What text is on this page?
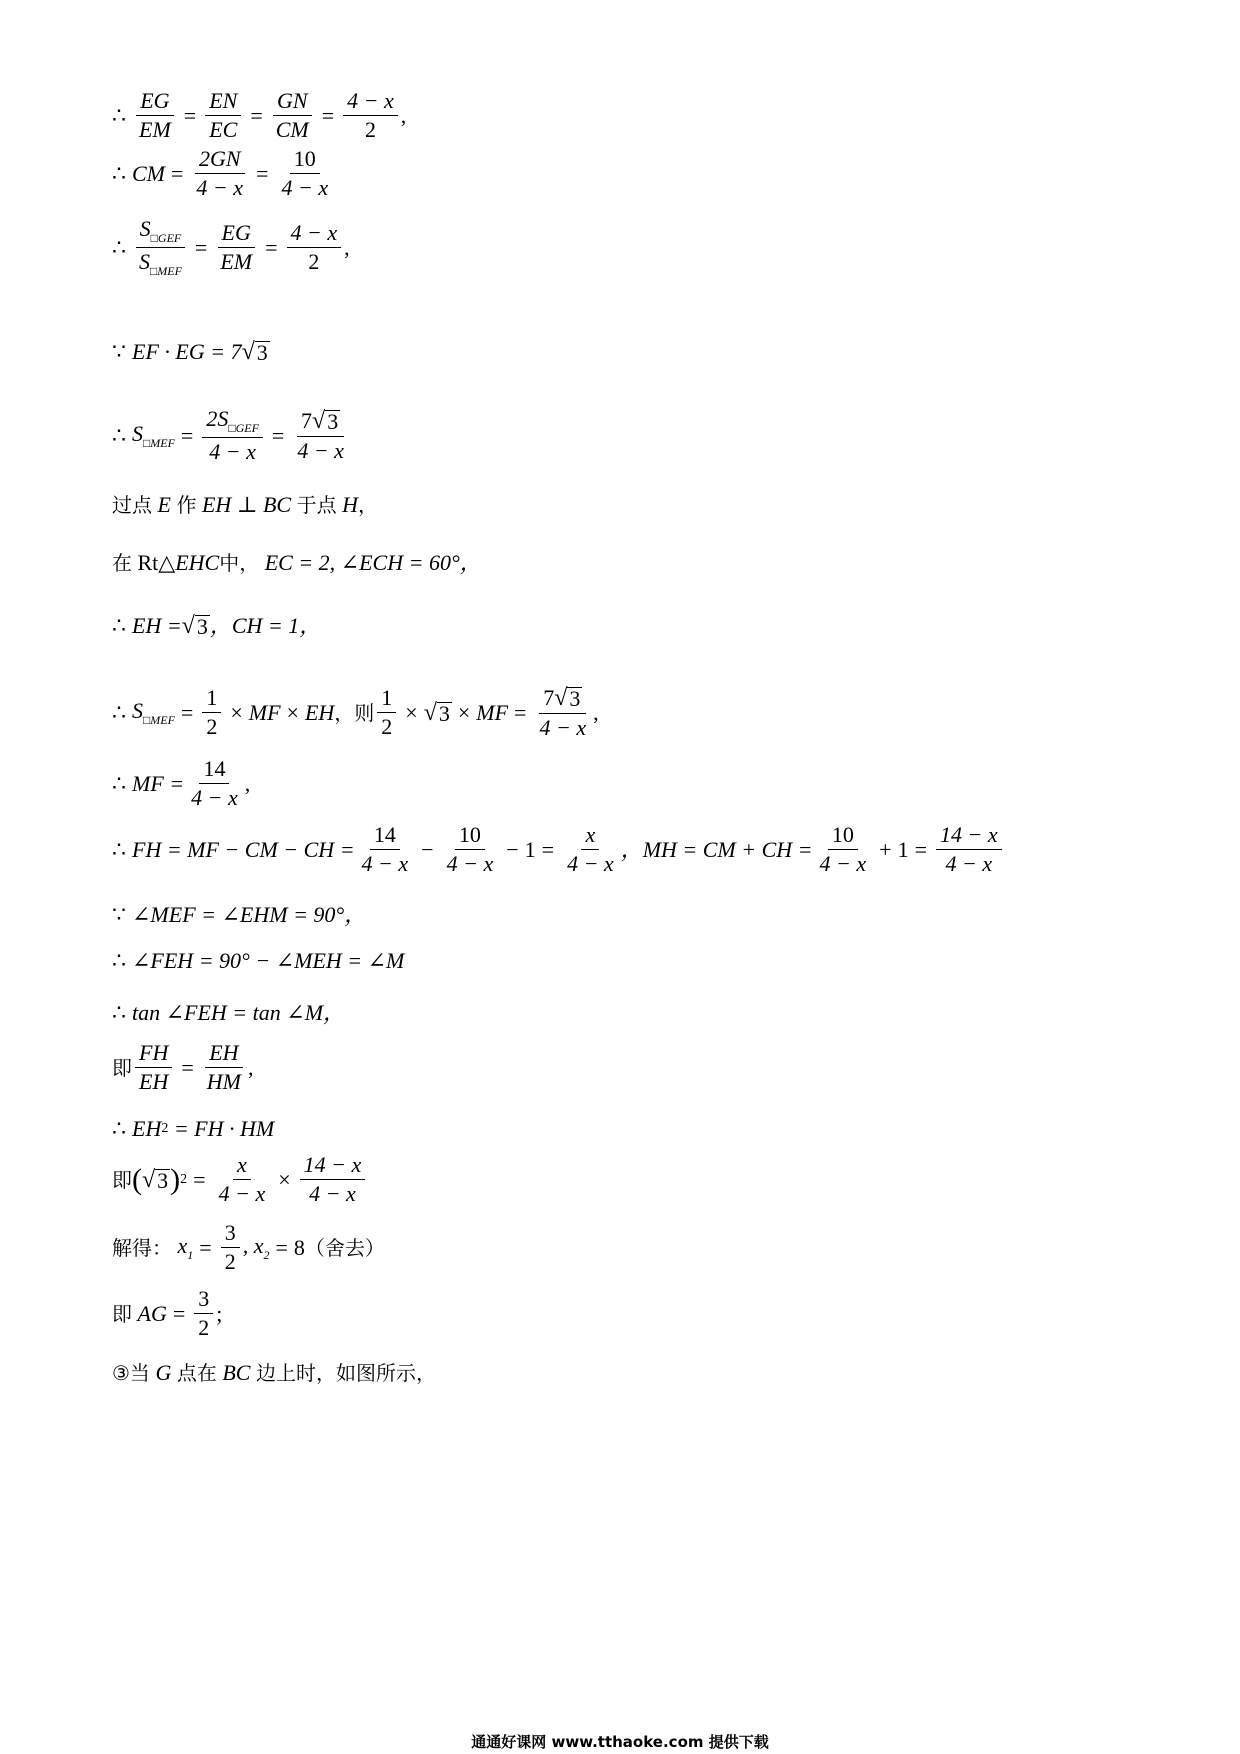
∴ $\frac{EG}{EM} = \frac{EN}{EC} = \frac{GN}{CM} = \frac{4 - x}{2}$ ,
∴ CM = $\frac{2GN}{4 - x} = \frac{10}{4 - x}$
∴ $\frac{S_{□GEF}}{S_{□MEF}} = \frac{EG}{EM} = \frac{4 - x}{2}$ ,
∵ EF · EG = 7 √ 3
∴ $S_{□MEF} = \frac{2S_{□GEF}}{4 - x} = \frac{7 √ 3}{4 - x}$
过点 E 作 EH ⊥ BC 于点 H ，
在 Rt△ EHC 中，
EC = 2, ∠ECH = 60°，
∴ EH = √ 3 ，CH = 1，
∴ $S_{□MEF} = \frac{1}{2}$ × MF × EH ， 则 $\frac{1}{2}$ × √ 3 × MF = $\frac{7 √ 3}{4 - x}$ ,
∴ MF = $\frac{14}{4 - x}$ ,
∴ FH = MF − CM − CH = $\frac{14}{4 - x} - \frac{10}{4 - x} - 1 = \frac{x}{4 - x}$ ，MH = CM + CH = $\frac{10}{4 - x} + 1 = \frac{14 - x}{4 - x}$
∵ ∠MEF = ∠EHM = 90°，
∴ ∠FEH = 90° − ∠MEH = ∠M
∴ tan ∠FEH = tan ∠M，
即 $\frac{FH}{EH} = \frac{EH}{HM}$ ,
∴ EH 2
= FH · HM
即 ( √ 3 ) $2 = \frac{x}{4 - x} \times \frac{14 - x}{4 - x}$
解得： $x_1 = \frac{3}{2}$ , $x_2 = 8$ （舍去）
即 AG = $\frac{3}{2}$ ;
③当 G 点在 BC 边上时，如图所示，
通通好课网 www.tthaoke.com 提供下载
